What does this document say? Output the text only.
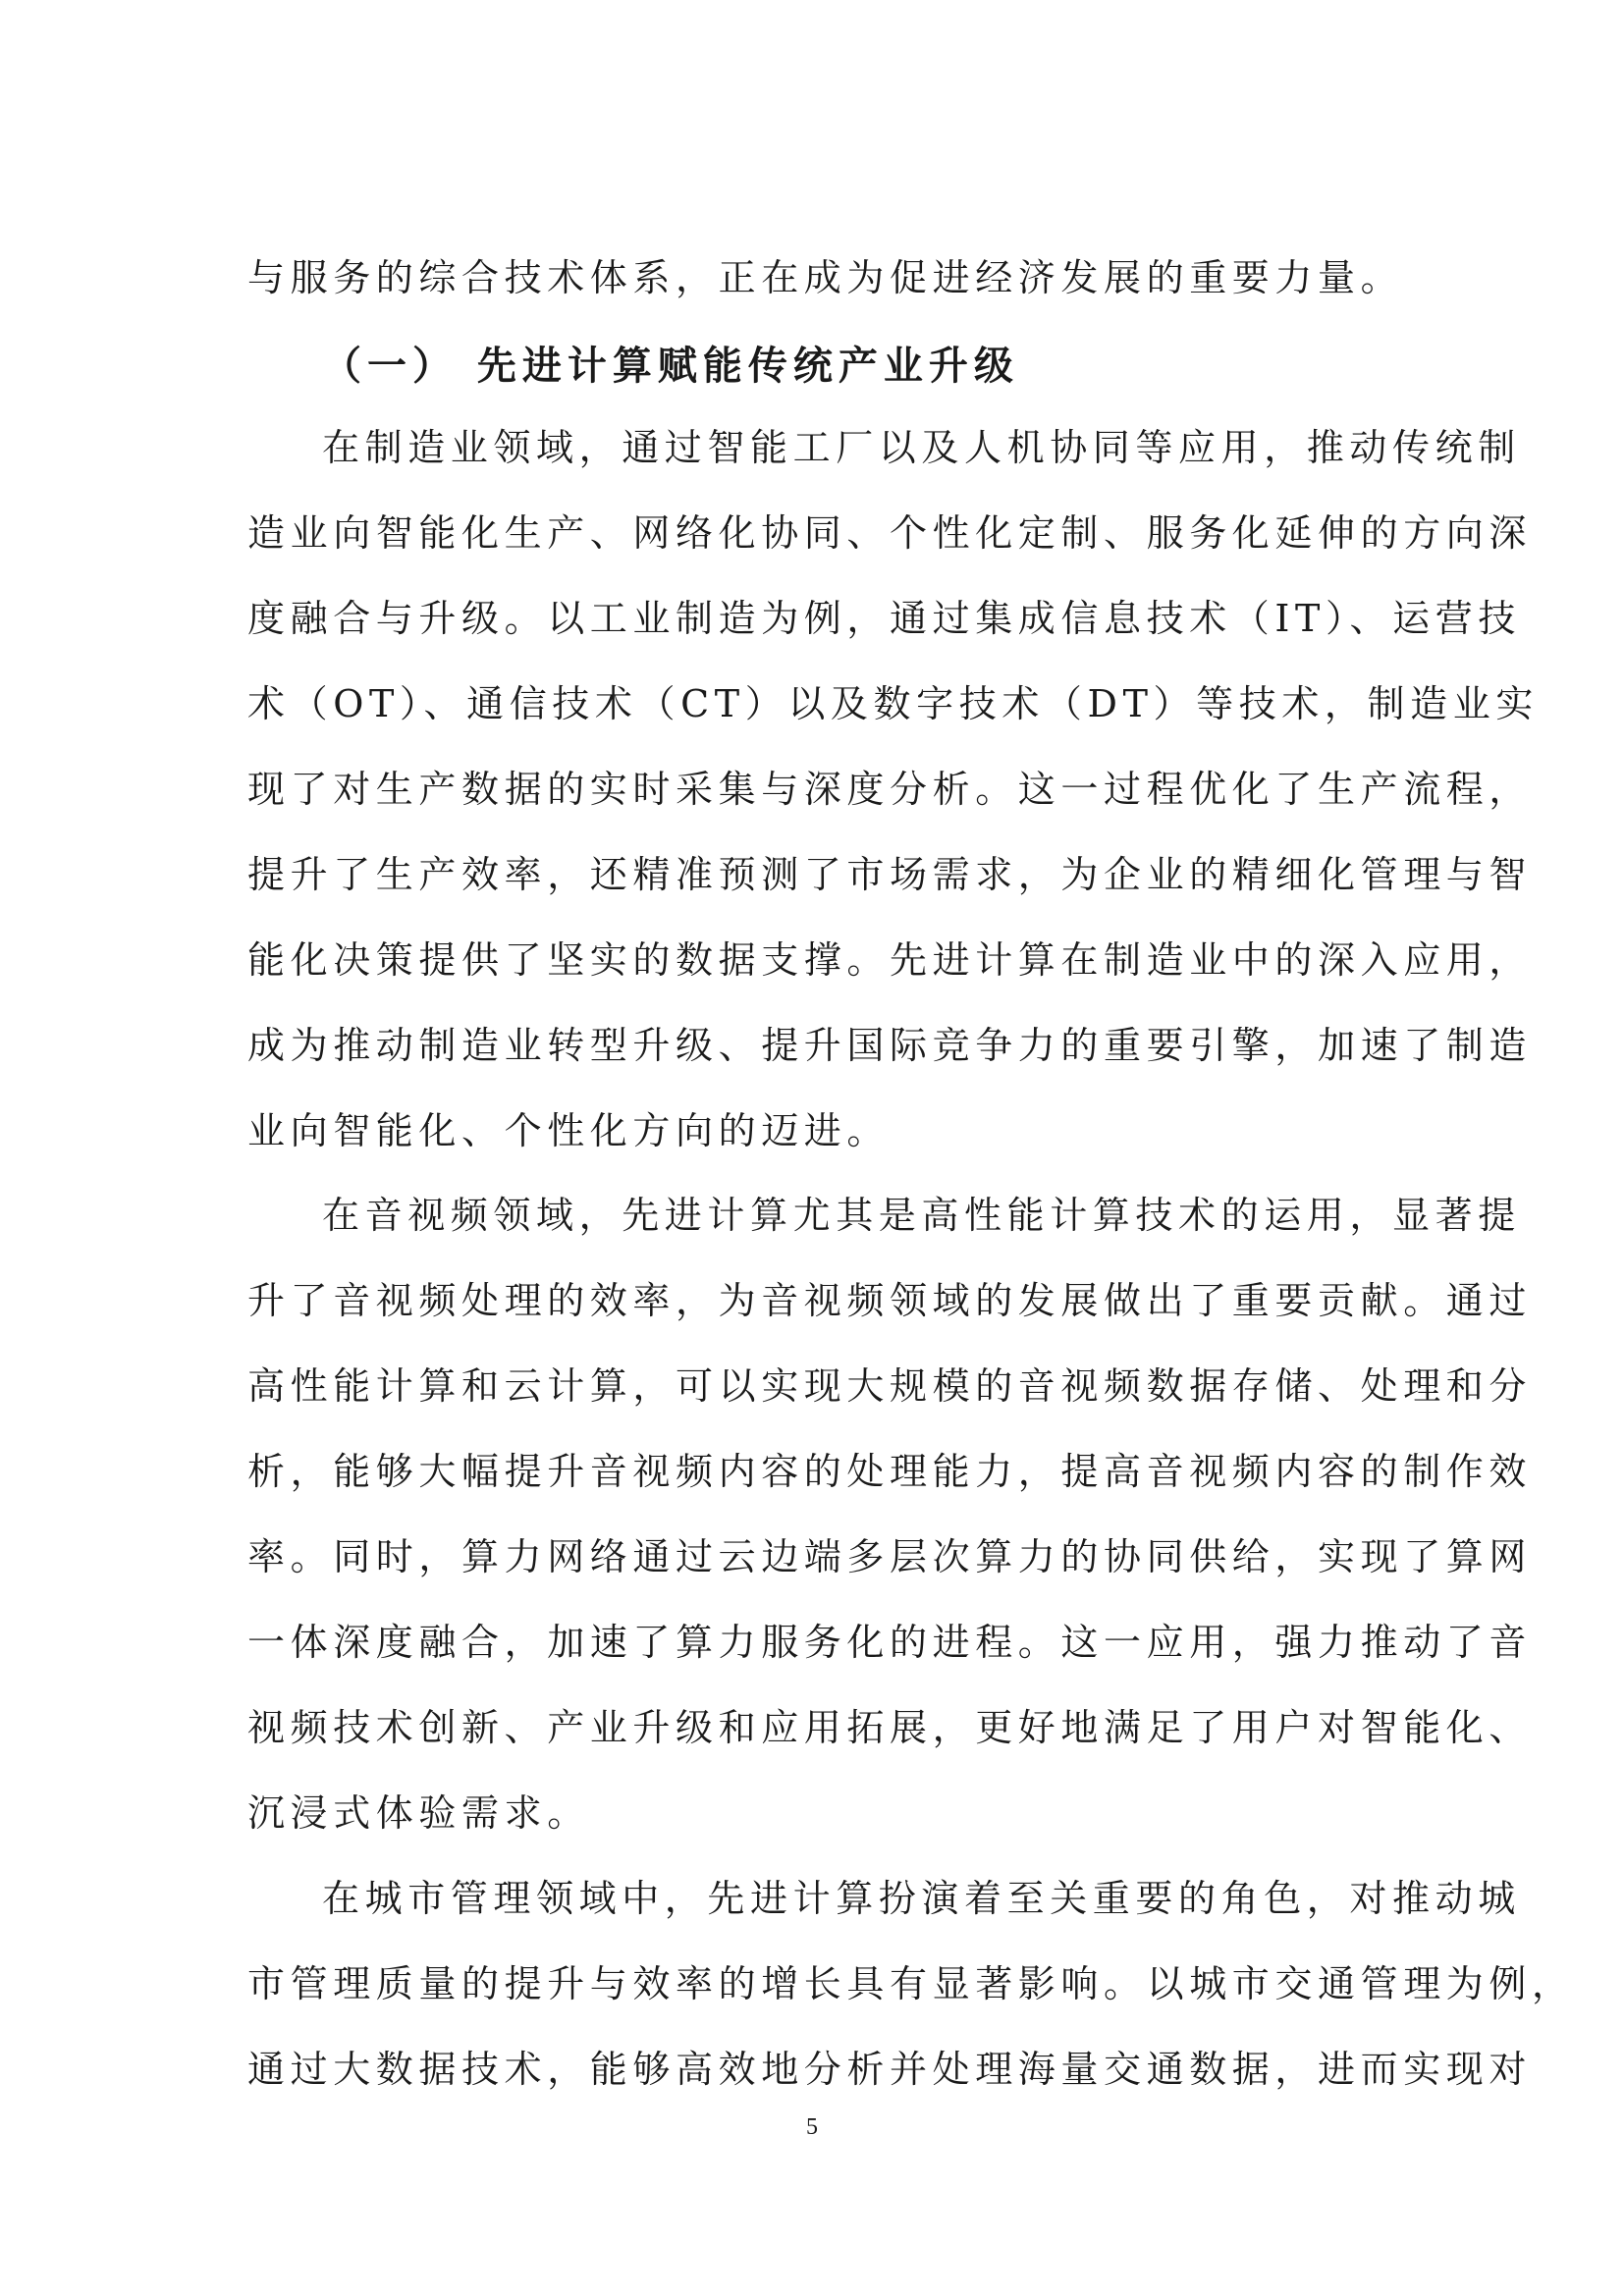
与服务的综合技术体系，正在成为促进经济发展的重要力量。
（一） 先进计算赋能传统产业升级
在制造业领域，通过智能工厂以及人机协同等应用，推动传统制
造业向智能化生产、网络化协同、个性化定制、服务化延伸的方向深
度融合与升级。以工业制造为例，通过集成信息技术（IT）、运营技
术（OT）、通信技术（CT）以及数字技术（DT）等技术，制造业实
现了对生产数据的实时采集与深度分析。这一过程优化了生产流程，
提升了生产效率，还精准预测了市场需求，为企业的精细化管理与智
能化决策提供了坚实的数据支撑。先进计算在制造业中的深入应用，
成为推动制造业转型升级、提升国际竞争力的重要引擎，加速了制造
业向智能化、个性化方向的迈进。
在音视频领域，先进计算尤其是高性能计算技术的运用，显著提
升了音视频处理的效率，为音视频领域的发展做出了重要贡献。通过
高性能计算和云计算，可以实现大规模的音视频数据存储、处理和分
析，能够大幅提升音视频内容的处理能力，提高音视频内容的制作效
率。同时，算力网络通过云边端多层次算力的协同供给，实现了算网
一体深度融合，加速了算力服务化的进程。这一应用，强力推动了音
视频技术创新、产业升级和应用拓展，更好地满足了用户对智能化、
沉浸式体验需求。
在城市管理领域中，先进计算扮演着至关重要的角色，对推动城
市管理质量的提升与效率的增长具有显著影响。以城市交通管理为例，
通过大数据技术，能够高效地分析并处理海量交通数据，进而实现对
5
